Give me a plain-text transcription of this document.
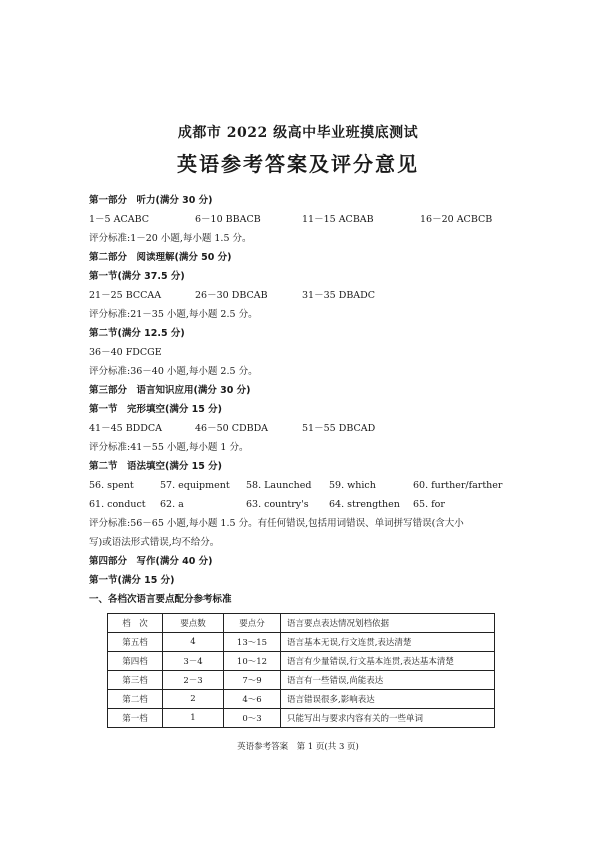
成都市 2022 级高中毕业班摸底测试
英语参考答案及评分意见
第一部分　听力(满分 30 分)
1－5 ACABC	6－10 BBACB	11－15 ACBAB	16－20 ACBCB
评分标准:1－20 小题,每小题 1.5 分。
第二部分　阅读理解(满分 50 分)
第一节(满分 37.5 分)
21－25 BCCAA	26－30 DBCAB	31－35 DBADC
评分标准:21－35 小题,每小题 2.5 分。
第二节(满分 12.5 分)
36－40 FDCGE
评分标准:36－40 小题,每小题 2.5 分。
第三部分　语言知识应用(满分 30 分)
第一节　完形填空(满分 15 分)
41－45 BDDCA	46－50 CDBDA	51－55 DBCAD
评分标准:41－55 小题,每小题 1 分。
第二节　语法填空(满分 15 分)
56. spent	57. equipment 58. Launched 59. which	60. further/farther
61. conduct 62. a	63. country's 64. strengthen 65. for
评分标准:56－65 小题,每小题 1.5 分。有任何错误,包括用词错误、单词拼写错误(含大小
写)或语法形式错误,均不给分。
第四部分　写作(满分 40 分)
第一节(满分 15 分)
一、各档次语言要点配分参考标准
档　次	要点数	要点分	语言要点表达情况划档依据
第五档	4	13～15	语言基本无误,行文连贯,表达清楚
第四档	3－4	10～12	语言有少量错误,行文基本连贯,表达基本清楚
第三档	2－3	7～9	语言有一些错误,尚能表达
第二档	2	4～6	语言错误很多,影响表达
第一档	1	0～3	只能写出与要求内容有关的一些单词
英语参考答案　第 1 页(共 3 页)
